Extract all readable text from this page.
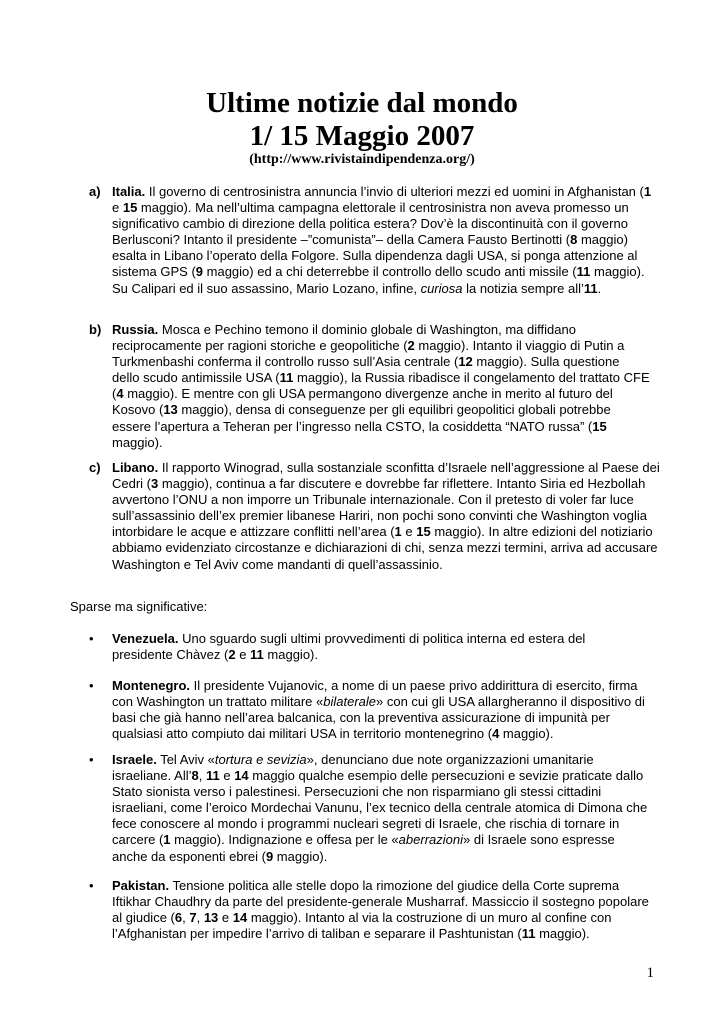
Ultime notizie dal mondo
1/ 15 Maggio 2007
(http://www.rivistaindipendenza.org/)
a) Italia. Il governo di centrosinistra annuncia l’invio di ulteriori mezzi ed uomini in Afghanistan (1 e 15 maggio). Ma nell’ultima campagna elettorale il centrosinistra non aveva promesso un significativo cambio di direzione della politica estera? Dov’è la discontinuità con il governo Berlusconi? Intanto il presidente –”comunista”– della Camera Fausto Bertinotti (8 maggio) esalta in Libano l’operato della Folgore. Sulla dipendenza dagli USA, si ponga attenzione al sistema GPS (9 maggio) ed a chi deterrebbe il controllo dello scudo anti missile (11 maggio). Su Calipari ed il suo assassino, Mario Lozano, infine, curiosa la notizia sempre all’11.

b) Russia. Mosca e Pechino temono il dominio globale di Washington, ma diffidano reciprocamente per ragioni storiche e geopolitiche (2 maggio). Intanto il viaggio di Putin a Turkmenbashi conferma il controllo russo sull’Asia centrale (12 maggio). Sulla questione dello scudo antimissile USA (11 maggio), la Russia ribadisce il congelamento del trattato CFE (4 maggio). E mentre con gli USA permangono divergenze anche in merito al futuro del Kosovo (13 maggio), densa di conseguenze per gli equilibri geopolitici globali potrebbe essere l’apertura a Teheran per l’ingresso nella CSTO, la cosiddetta “NATO russa” (15 maggio).

c) Libano. Il rapporto Winograd, sulla sostanziale sconfitta d’Israele nell’aggressione al Paese dei Cedri (3 maggio), continua a far discutere e dovrebbe far riflettere. Intanto Siria ed Hezbollah avvertono l’ONU a non imporre un Tribunale internazionale. Con il pretesto di voler far luce sull’assassinio dell’ex premier libanese Hariri, non pochi sono convinti che Washington voglia intorbidare le acque e attizzare conflitti nell’area (1 e 15 maggio). In altre edizioni del notiziario abbiamo evidenziato circostanze e dichiarazioni di chi, senza mezzi termini, arriva ad accusare Washington e Tel Aviv come mandanti di quell’assassinio.

Sparse ma significative:
• Venezuela. Uno sguardo sugli ultimi provvedimenti di politica interna ed estera del presidente Chàvez (2 e 11 maggio).

• Montenegro. Il presidente Vujanovic, a nome di un paese privo addirittura di esercito, firma con Washington un trattato militare «bilaterale» con cui gli USA allargheranno il dispositivo di basi che già hanno nell’area balcanica, con la preventiva assicurazione di impunità per qualsiasi atto compiuto dai militari USA in territorio montenegrino (4 maggio).

• Israele. Tel Aviv «tortura e sevizia», denunciano due note organizzazioni umanitarie israeliane. All’8, 11 e 14 maggio qualche esempio delle persecuzioni e sevizie praticate dallo Stato sionista verso i palestinesi. Persecuzioni che non risparmiano gli stessi cittadini israeliani, come l’eroico Mordechai Vanunu, l’ex tecnico della centrale atomica di Dimona che fece conoscere al mondo i programmi nucleari segreti di Israele, che rischia di tornare in carcere (1 maggio). Indignazione e offesa per le «aberrazioni» di Israele sono espresse anche da esponenti ebrei (9 maggio).

• Pakistan. Tensione politica alle stelle dopo la rimozione del giudice della Corte suprema Iftikhar Chaudhry da parte del presidente-generale Musharraf. Massiccio il sostegno popolare al giudice (6, 7, 13 e 14 maggio). Intanto al via la costruzione di un muro al confine con l’Afghanistan per impedire l’arrivo di taliban e separare il Pashtunistan (11 maggio).

1
